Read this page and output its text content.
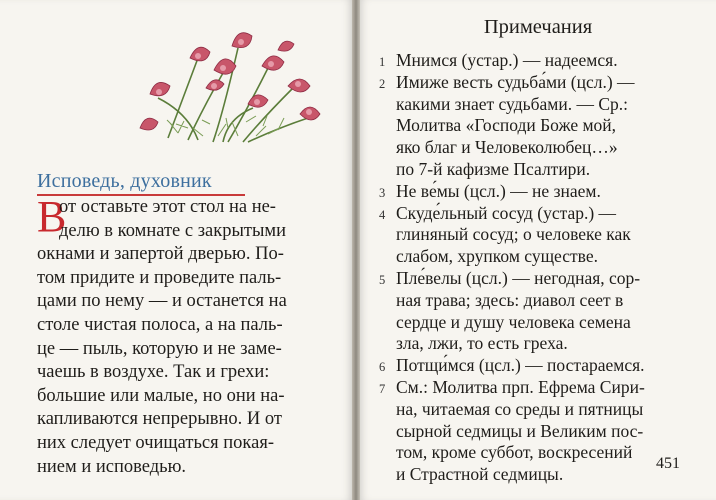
Исповедь, духовник
В
от оставьте этот стол на не-
делю в комнате с закрытыми
окнами и запертой дверью. По-
том придите и проведите паль-
цами по нему — и останется на
столе чистая полоса, а на паль-
це — пыль, которую и не заме-
чаешь в воздухе. Так и грехи:
большие или малые, но они на-
капливаются непрерывно. И от
них следует очищаться покая-
нием и исповедью.
Примечания
1 Мнимся (устар.) — надеемся.
2 Имиже весть судьба́ми (цсл.) —
какими знает судьбами. — Ср.:
Молитва «Господи Боже мой,
яко благ и Человеколюбец…»
по 7-й кафизме Псалтири.
3 Не ве́мы (цсл.) — не знаем.
4 Скуде́льный сосуд (устар.) —
глиняный сосуд; о человеке как
слабом, хрупком существе.
5 Пле́велы (цсл.) — негодная, сор-
ная трава; здесь: диавол сеет в
сердце и душу человека семена
зла, лжи, то есть греха.
6 Потщи́мся (цсл.) — постараемся.
7 См.: Молитва прп. Ефрема Сири-
на, читаемая со среды и пятницы
сырной седмицы и Великим пос-
том, кроме суббот, воскресений
и Страстной седмицы.
451
